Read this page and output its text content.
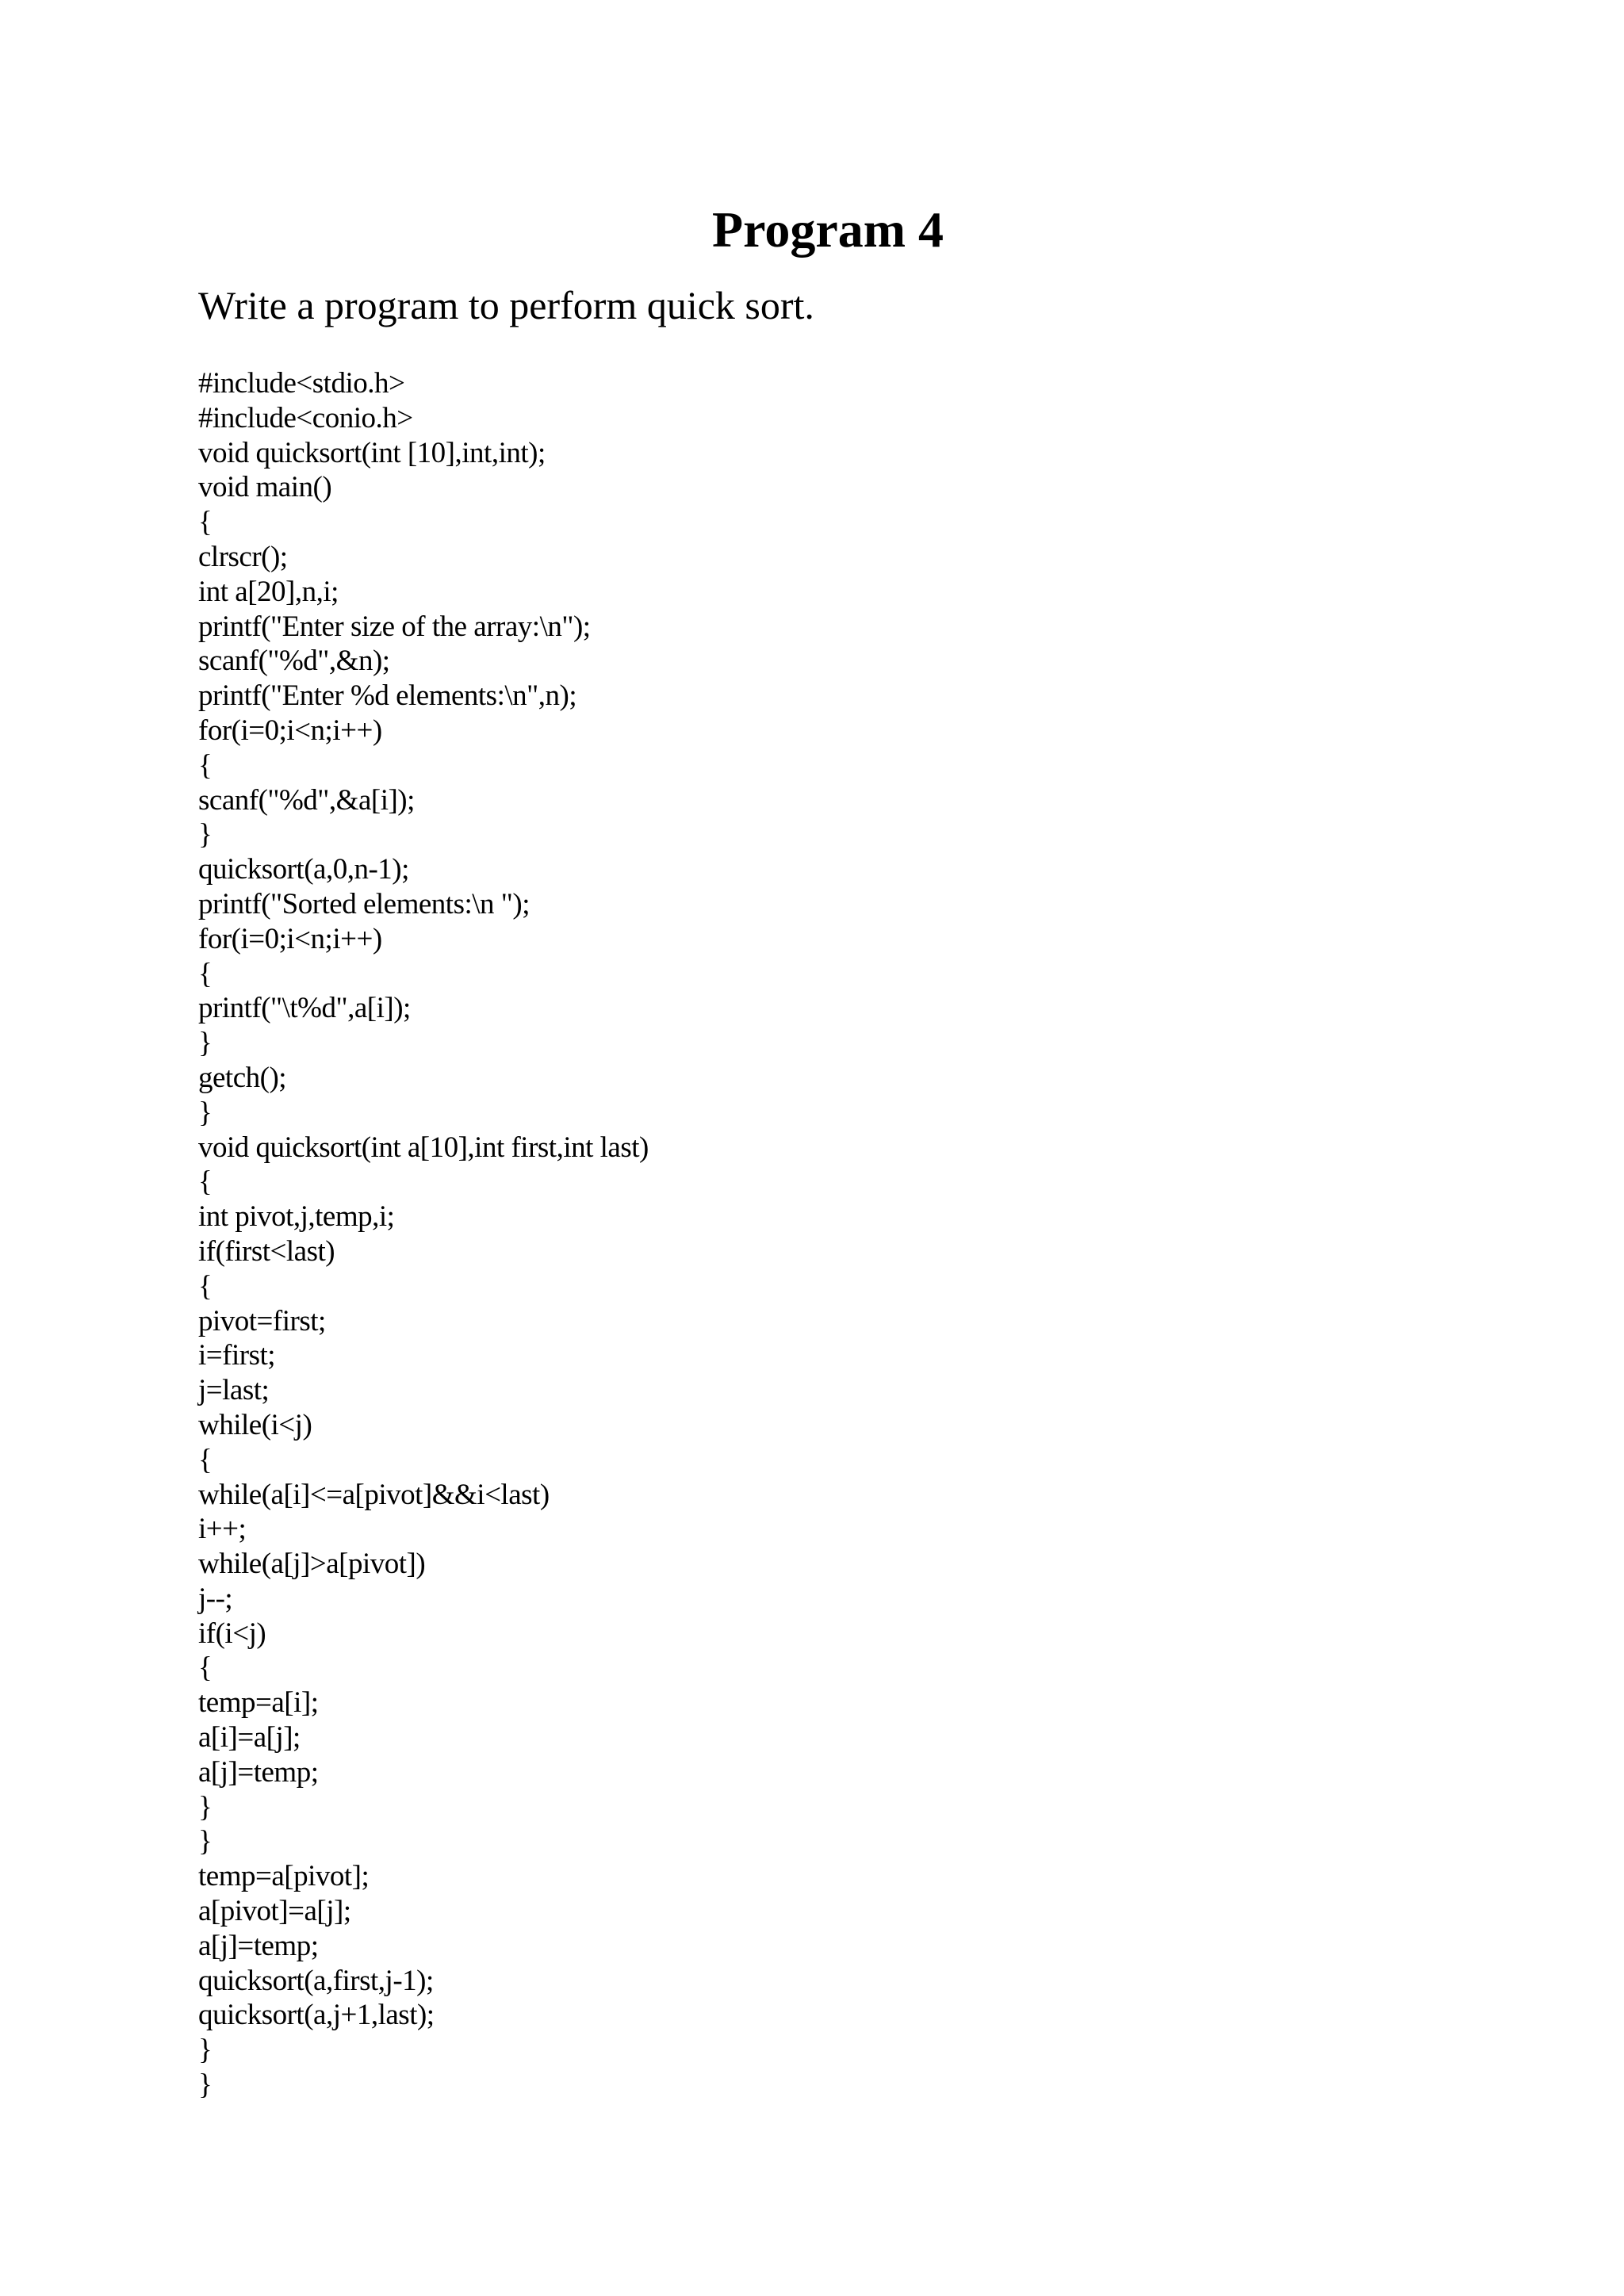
Program 4

Write a program to perform quick sort.

#include<stdio.h>
#include<conio.h>
void quicksort(int [10],int,int);
void main()
{
clrscr();
int a[20],n,i;
printf("Enter size of the array:\n");
scanf("%d",&n);
printf("Enter %d elements:\n",n);
for(i=0;i<n;i++)
{
scanf("%d",&a[i]);
}
quicksort(a,0,n-1);
printf("Sorted elements:\n ");
for(i=0;i<n;i++)
{
printf("\t%d",a[i]);
}
getch();
}
void quicksort(int a[10],int first,int last)
{
int pivot,j,temp,i;
if(first<last)
{
pivot=first;
i=first;
j=last;
while(i<j)
{
while(a[i]<=a[pivot]&&i<last)
i++;
while(a[j]>a[pivot])
j--;
if(i<j)
{
temp=a[i];
a[i]=a[j];
a[j]=temp;
}
}
temp=a[pivot];
a[pivot]=a[j];
a[j]=temp;
quicksort(a,first,j-1);
quicksort(a,j+1,last);
}
}
